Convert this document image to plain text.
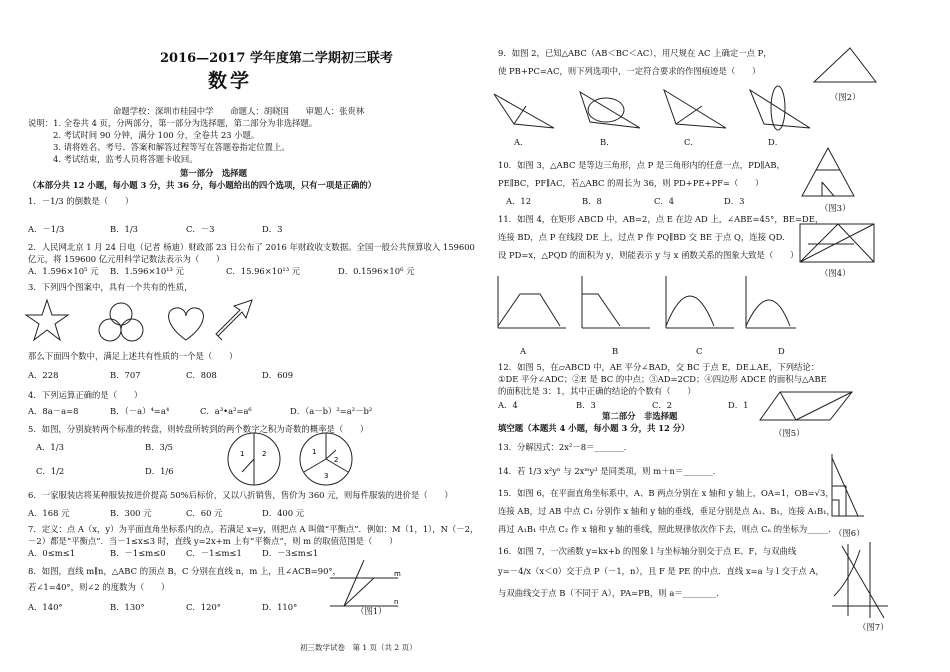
2016—2017 学年度第二学期初三联考
数学
命题学校：深圳市桂园中学　　命题人：胡晓国　　审题人：张贵林
说明：1. 全卷共 4 页，分两部分，第一部分为选择题，第二部分为非选择题。
2. 考试时间 90 分钟，满分 100 分，全卷共 23 小题。
3. 请将姓名、考号、答案和解答过程等写在答题卷指定位置上。
4. 考试结束，监考人员将答题卡收回。
第一部分　选择题
（本部分共 12 小题，每小题 3 分，共 36 分，每小题给出的四个选项，只有一项是正确的）
1．－1/3 的倒数是（　　）
A．－1/3	B．1/3	C．－3	D．3
2．人民网北京 1 月 24 日电（记者 杨迪）财政部 23 日公布了 2016 年财政收支数据。全国一般公共预算收入 159600
亿元，将 159600 亿元用科学记数法表示为（　　）
A．1.596×10⁵ 元 B．1.596×10¹³ 元	C．15.96×10¹³ 元	D．0.1596×10⁶ 元
3．下列四个图案中，具有一个共有的性质，
那么下面四个数中，满足上述共有性质的一个是（　　）
A．228	B．707	C．808	D．609
4．下列运算正确的是（　　）
A．8a－a=8	B．（－a）⁴=a⁴	C．a³•a²=a⁶	D．（a－b）²=a²－b²
5．如图，分别旋转两个标准的转盘，则转盘所转到的两个数字之积为奇数的概率是（　　）
A．1/3	B．3/5
C．1/2	D．1/6
1	2	1
2
3
6．一家服装店将某种服装按进价提高 50%后标价，又以八折销售，售价为 360 元，则每件服装的进价是（　　）
A．168 元	B．300 元	C．60 元	D．400 元
7．定义：点 A（x，y）为平面直角坐标系内的点，若满足 x=y，则把点 A 叫做“平衡点”．例如：M（1，1），N（－2，
－2）都是“平衡点”．当－1≤x≤3 时，直线 y=2x+m 上有“平衡点”，则 m 的取值范围是（　　）
A．0≤m≤1	B．－1≤m≤0 C．－1≤m≤1 D．－3≤m≤1
8．如图，直线 m∥n，△ABC 的顶点 B，C 分别在直线 n，m 上，且∠ACB=90°，
若∠1=40°，则∠2 的度数为（　　）
A．140°	B．130°	C．120°	D．110°
m
n
（图1）
9．如图 2，已知△ABC（AB＜BC＜AC），用尺规在 AC 上确定一点 P，
使 PB+PC=AC，则下列选项中，一定符合要求的作图痕迹是（　　）
（图2）
A．	B．	C．	D．
10．如图 3，△ABC 是等边三角形，点 P 是三角形内的任意一点，PD∥AB，
PE∥BC，PF∥AC，若△ABC 的周长为 36，则 PD+PE+PF=（　　）
A．12	B．8	C．4	D．3
（图3）
11．如图 4，在矩形 ABCD 中，AB=2，点 E 在边 AD 上，∠ABE=45°，BE=DE，
连接 BD，点 P 在线段 DE 上，过点 P 作 PQ∥BD 交 BE 于点 Q，连接 QD.
设 PD=x，△PQD 的面积为 y，则能表示 y 与 x 函数关系的图象大致是（　　）
（图4）
A	B	C	D
12．如图 5，在▱ABCD 中，AE 平分∠BAD，交 BC 于点 E，DE⊥AE，下列结论：
①DE 平分∠ADC；②E 是 BC 的中点；③AD=2CD；④四边形 ADCE 的面积与△ABE
的面积比是 3：1，其中正确的结论的个数有（　　）
A．4	B．3	C．2	D．1
（图5）
第二部分　非选择题
填空题（本题共 4 小题，每小题 3 分，共 12 分）
13．分解因式：2x²－8＝_______.
14．若 1/3 x²yⁿ 与 2xᵐy³ 是同类项，则 m＋n＝_______.
15．如图 6，在平面直角坐标系中，A、B 两点分别在 x 轴和 y 轴上，OA=1，OB=√3，
连接 AB，过 AB 中点 C₁ 分别作 x 轴和 y 轴的垂线，垂足分别是点 A₁、B₁，连接 A₁B₁，
再过 A₁B₁ 中点 C₂ 作 x 轴和 y 轴的垂线，照此规律依次作下去，则点 Cₙ 的坐标为_____. （图6）
16．如图 7，一次函数 y=kx+b 的图象 l 与坐标轴分别交于点 E、F，与双曲线
y=－4/x（x＜0）交于点 P（－1，n），且 F 是 PE 的中点．直线 x=a 与 l 交于点 A，
与双曲线交于点 B（不同于 A），PA=PB，则 a＝________.
（图7）
初三数学试卷　第 1 页（共 2 页）
